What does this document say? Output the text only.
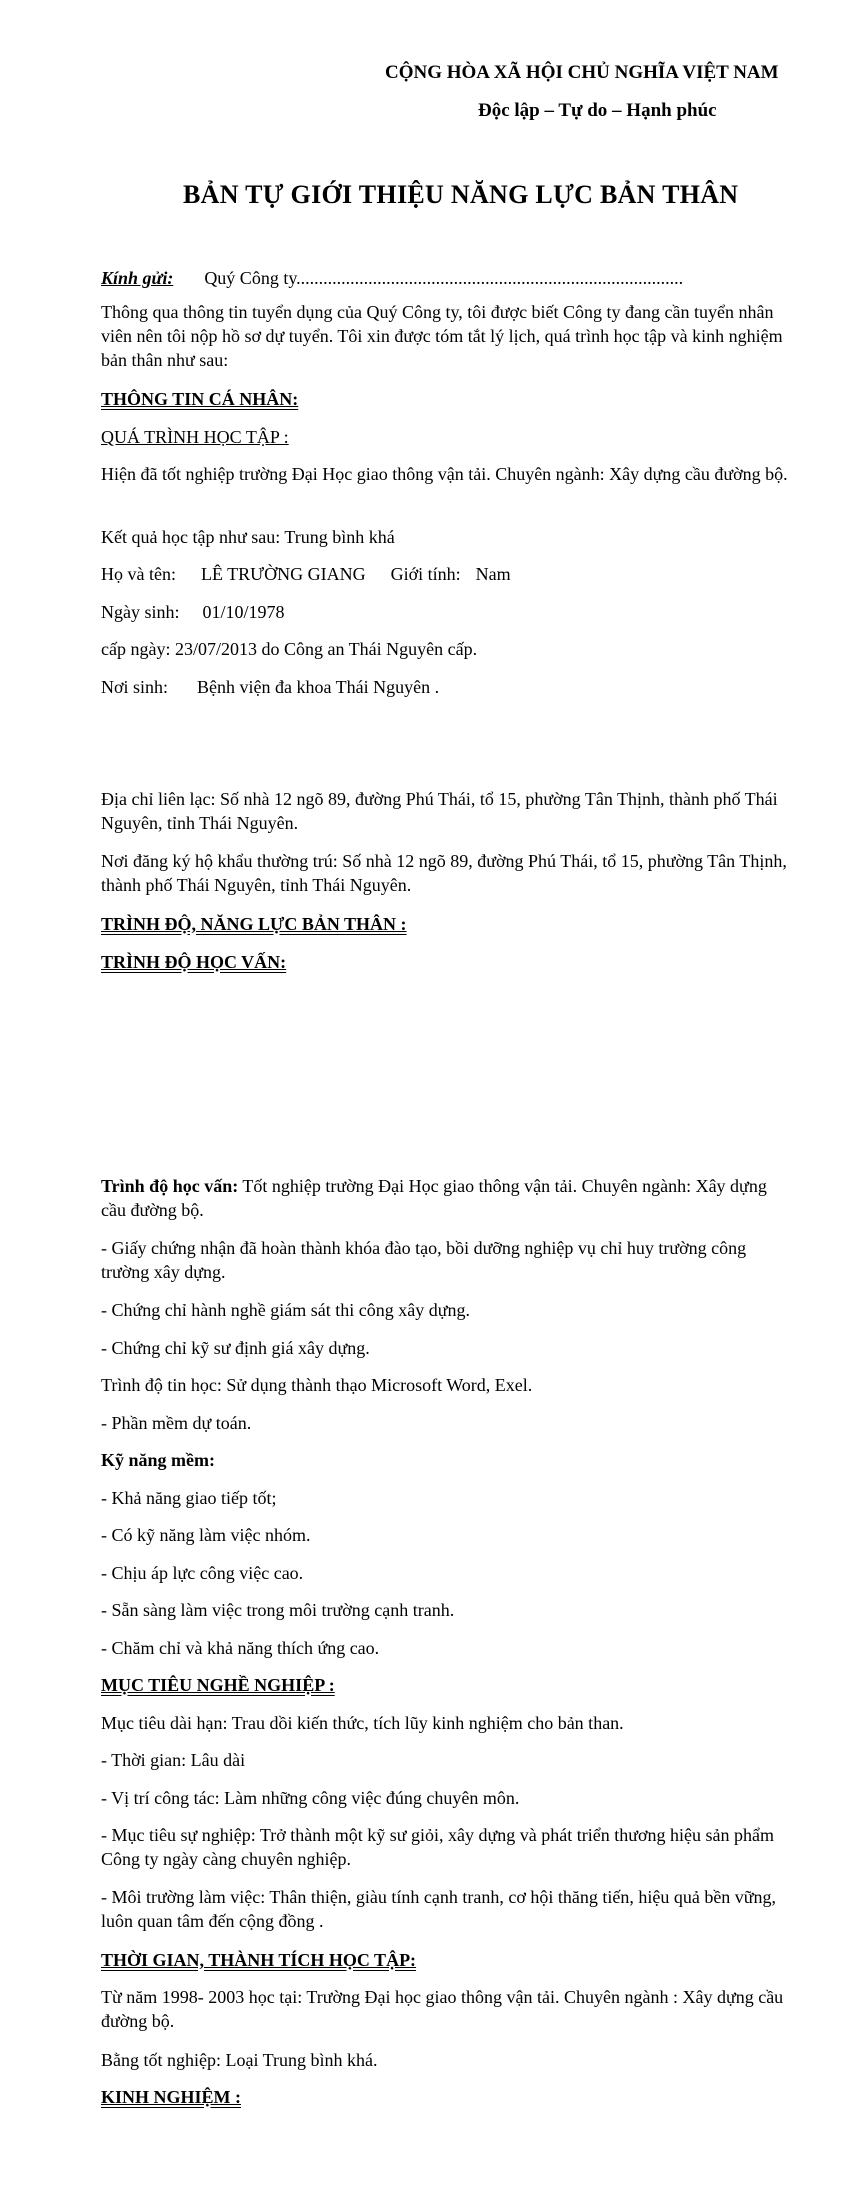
CỘNG HÒA XÃ HỘI CHỦ NGHĨA VIỆT NAM
Độc lập – Tự do – Hạnh phúc
BẢN TỰ GIỚI THIỆU NĂNG LỰC BẢN THÂN
Kính gửi: Quý Công ty......................................................................................
Thông qua thông tin tuyển dụng của Quý Công ty, tôi được biết Công ty đang cần tuyển nhân viên nên tôi nộp hồ sơ dự tuyển. Tôi xin được tóm tắt lý lịch, quá trình học tập và kinh nghiệm bản thân như sau:
THÔNG TIN CÁ NHÂN:
QUÁ TRÌNH HỌC TẬP :
Hiện đã tốt nghiệp trường Đại Học giao thông vận tải. Chuyên ngành: Xây dựng cầu đường bộ.
Kết quả học tập như sau: Trung bình khá
Họ và tên: LÊ TRƯỜNG GIANG Giới tính: Nam
Ngày sinh: 01/10/1978
cấp ngày: 23/07/2013 do Công an Thái Nguyên cấp.
Nơi sinh: Bệnh viện đa khoa Thái Nguyên .
Địa chỉ liên lạc: Số nhà 12 ngõ 89, đường Phú Thái, tổ 15, phường Tân Thịnh, thành phố Thái Nguyên, tỉnh Thái Nguyên.
Nơi đăng ký hộ khẩu thường trú: Số nhà 12 ngõ 89, đường Phú Thái, tổ 15, phường Tân Thịnh, thành phố Thái Nguyên, tỉnh Thái Nguyên.
TRÌNH ĐỘ, NĂNG LỰC BẢN THÂN :
TRÌNH ĐỘ HỌC VẤN:
Trình độ học vấn: Tốt nghiệp trường Đại Học giao thông vận tải. Chuyên ngành: Xây dựng cầu đường bộ.
- Giấy chứng nhận đã hoàn thành khóa đào tạo, bồi dưỡng nghiệp vụ chỉ huy trường công trường xây dựng.
- Chứng chỉ hành nghề giám sát thi công xây dựng.
- Chứng chỉ kỹ sư định giá xây dựng.
Trình độ tin học: Sử dụng thành thạo Microsoft Word, Exel.
- Phần mềm dự toán.
Kỹ năng mềm:
- Khả năng giao tiếp tốt;
- Có kỹ năng làm việc nhóm.
- Chịu áp lực công việc cao.
- Sẵn sàng làm việc trong môi trường cạnh tranh.
- Chăm chỉ và khả năng thích ứng cao.
MỤC TIÊU NGHỀ NGHIỆP :
Mục tiêu dài hạn: Trau dồi kiến thức, tích lũy kinh nghiệm cho bản than.
- Thời gian: Lâu dài
- Vị trí công tác: Làm những công việc đúng chuyên môn.
- Mục tiêu sự nghiệp: Trở thành một kỹ sư giỏi, xây dựng và phát triển thương hiệu sản phẩm Công ty ngày càng chuyên nghiệp.
- Môi trường làm việc: Thân thiện, giàu tính cạnh tranh, cơ hội thăng tiến, hiệu quả bền vững, luôn quan tâm đến cộng đồng .
THỜI GIAN, THÀNH TÍCH HỌC TẬP:
Từ năm 1998- 2003 học tại: Trường Đại học giao thông vận tải. Chuyên ngành : Xây dựng cầu đường bộ.
Bằng tốt nghiệp: Loại Trung bình khá.
KINH NGHIỆM :
